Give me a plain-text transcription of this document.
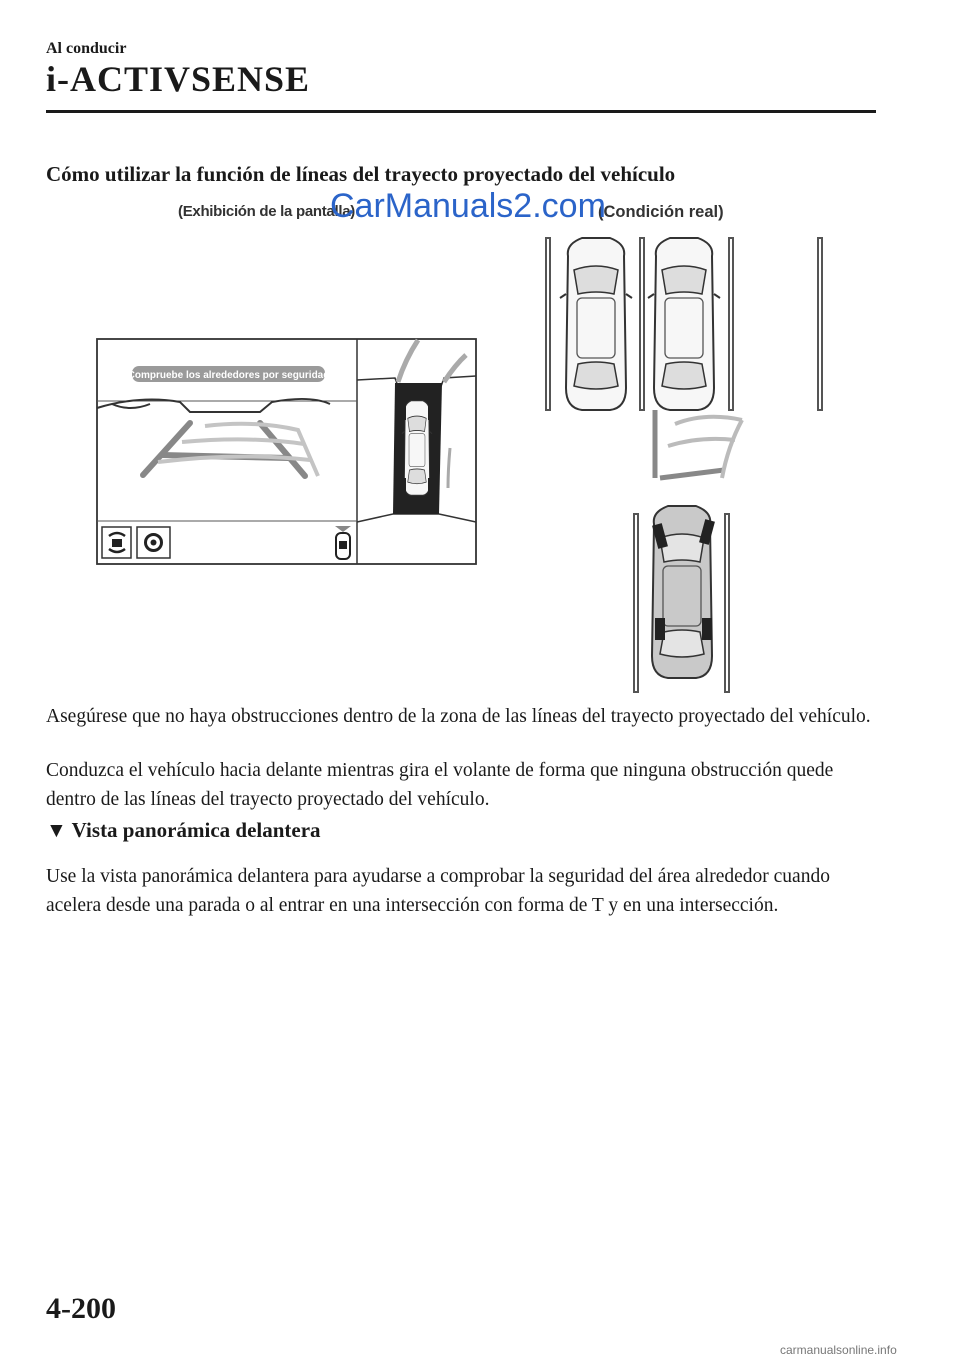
Al conducir
i-ACTIVSENSE
Cómo utilizar la función de líneas del trayecto proyectado del vehículo
(Exhibición de la pantalla)	(Condición real)
Compruebe los alrededores por seguridad
CarManuals2.com
Asegúrese que no haya obstrucciones dentro de la zona de las líneas del trayecto proyectado del vehículo.
Conduzca el vehículo hacia delante mientras gira el volante de forma que ninguna obstrucción quede dentro de las líneas del trayecto proyectado del vehículo.
▼ Vista panorámica delantera
Use la vista panorámica delantera para ayudarse a comprobar la seguridad del área alrededor cuando acelera desde una parada o al entrar en una intersección con forma de T y en una intersección.
4-200
carmanualsonline.info
